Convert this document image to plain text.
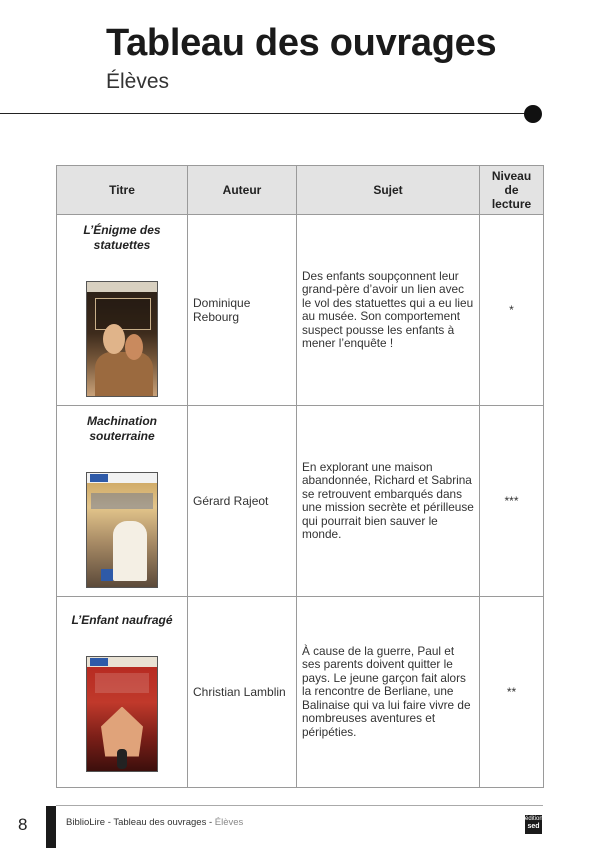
Tableau des ouvrages
Élèves
Titre	Auteur	Sujet	Niveau de lecture

L’Énigme des statuettes	Dominique Rebourg	Des enfants soupçonnent leur grand-père d’avoir un lien avec le vol des statuettes qui a eu lieu au musée. Son comportement suspect pousse les enfants à mener l’enquête !	*

Machination souterraine	Gérard Rajeot	En explorant une maison abandonnée, Richard et Sabrina se retrouvent embarqués dans une mission secrète et périlleuse qui pourrait bien sauver le monde.	***

L’Enfant naufragé	Christian Lamblin	À cause de la guerre, Paul et ses parents doivent quitter le pays. Le jeune garçon fait alors la rencontre de Berliane, une Balinaise qui va lui faire vivre de nombreuses aventures et péripéties.	**
8	BiblioLire - Tableau des ouvrages - Élèves	éditions
sed
